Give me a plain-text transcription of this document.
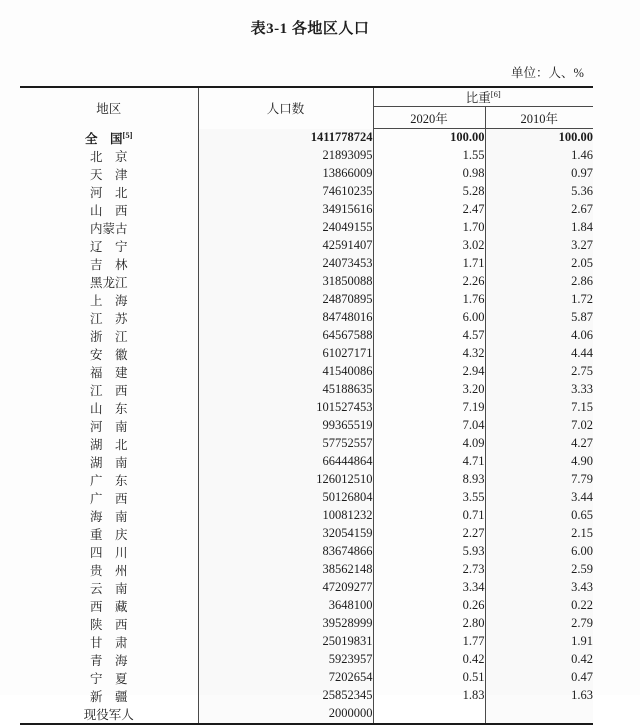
表3-1 各地区人口
单位：人、%
地区	人口数	比重[6]
		2020年	2010年
全　国[5]	1411778724	100.00	100.00
北　京	21893095	1.55	1.46
天　津	13866009	0.98	0.97
河　北	74610235	5.28	5.36
山　西	34915616	2.47	2.67
内蒙古	24049155	1.70	1.84
辽　宁	42591407	3.02	3.27
吉　林	24073453	1.71	2.05
黑龙江	31850088	2.26	2.86
上　海	24870895	1.76	1.72
江　苏	84748016	6.00	5.87
浙　江	64567588	4.57	4.06
安　徽	61027171	4.32	4.44
福　建	41540086	2.94	2.75
江　西	45188635	3.20	3.33
山　东	101527453	7.19	7.15
河　南	99365519	7.04	7.02
湖　北	57752557	4.09	4.27
湖　南	66444864	4.71	4.90
广　东	126012510	8.93	7.79
广　西	50126804	3.55	3.44
海　南	10081232	0.71	0.65
重　庆	32054159	2.27	2.15
四　川	83674866	5.93	6.00
贵　州	38562148	2.73	2.59
云　南	47209277	3.34	3.43
西　藏	3648100	0.26	0.22
陕　西	39528999	2.80	2.79
甘　肃	25019831	1.77	1.91
青　海	5923957	0.42	0.42
宁　夏	7202654	0.51	0.47
新　疆	25852345	1.83	1.63
现役军人	2000000		
